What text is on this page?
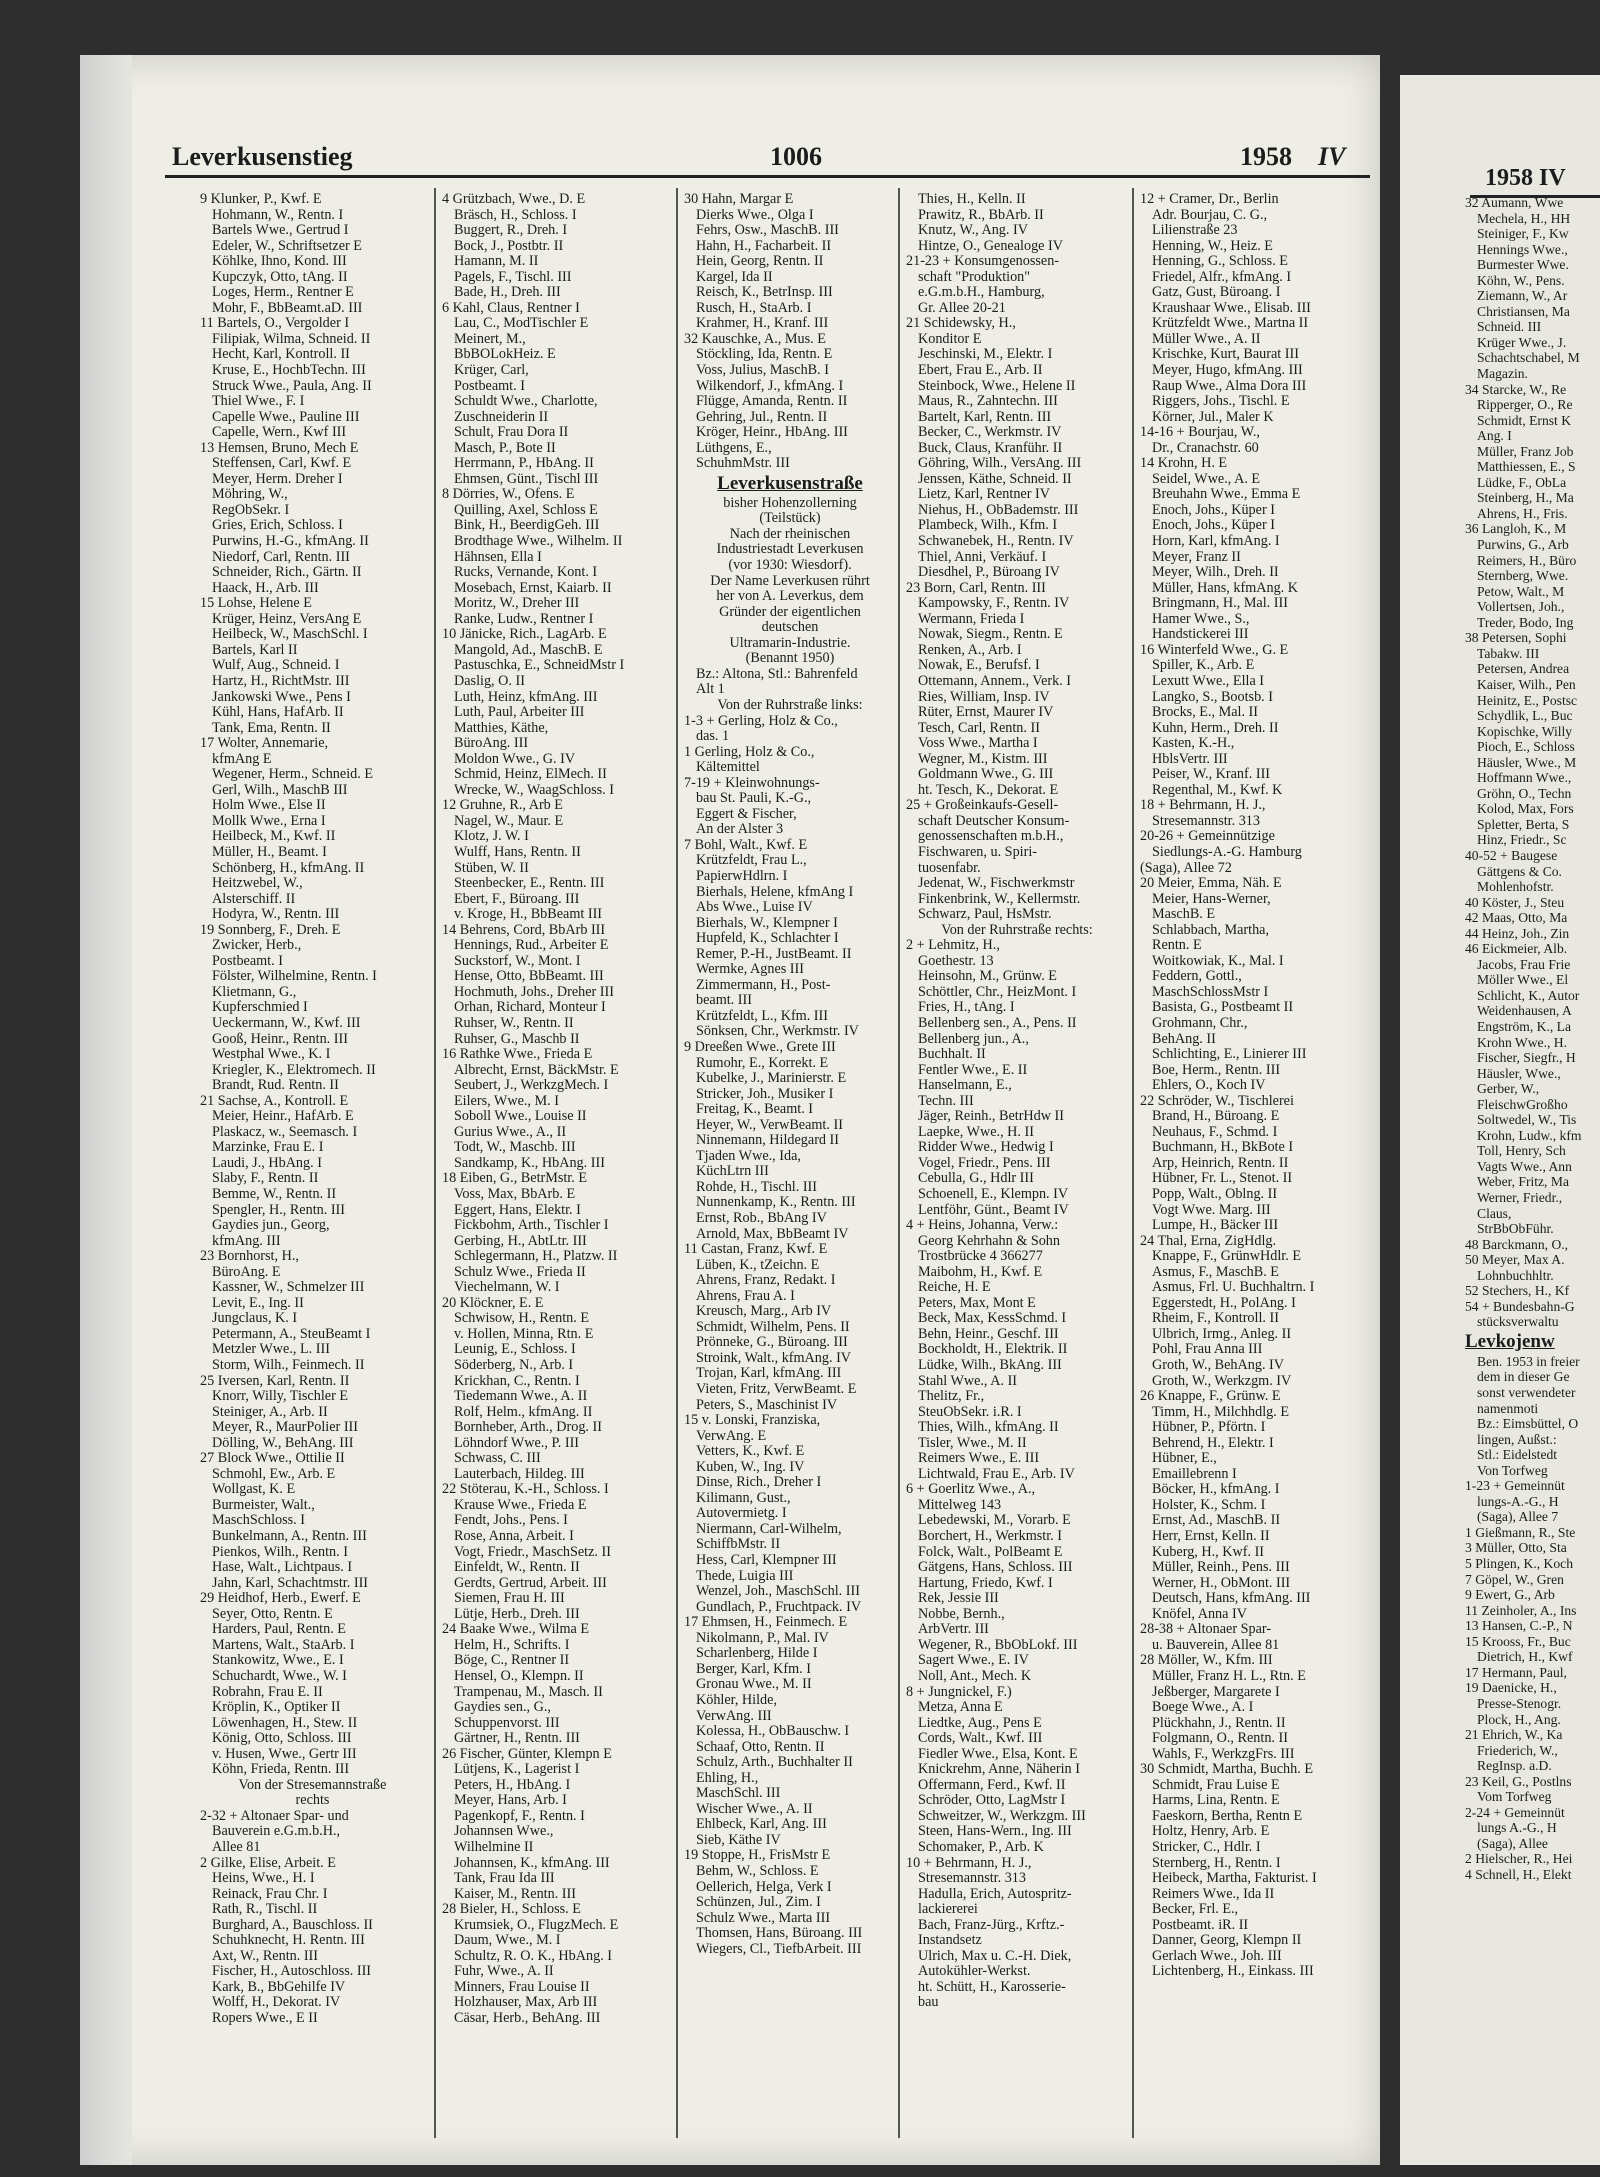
Leverkusenstieg	1006	1958 IV
1958 IV
9 Klunker, P., Kwf. E
Hohmann, W., Rentn. I
Bartels Wwe., Gertrud I
Edeler, W., Schriftsetzer E
Köhlke, Ihno, Kond. III
Kupczyk, Otto, tAng. II
Loges, Herm., Rentner E
Mohr, F., BbBeamt.aD. III
11 Bartels, O., Vergolder I
Filipiak, Wilma, Schneid. II
Hecht, Karl, Kontroll. II
Kruse, E., HochbTechn. III
Struck Wwe., Paula, Ang. II
Thiel Wwe., F. I
Capelle Wwe., Pauline III
Capelle, Wern., Kwf III
13 Hemsen, Bruno, Mech E
Steffensen, Carl, Kwf. E
Meyer, Herm. Dreher I
Möhring, W.,
RegObSekr. I
Gries, Erich, Schloss. I
Purwins, H.-G., kfmAng. II
Niedorf, Carl, Rentn. III
Schneider, Rich., Gärtn. II
Haack, H., Arb. III
15 Lohse, Helene E
Krüger, Heinz, VersAng E
Heilbeck, W., MaschSchl. I
Bartels, Karl II
Wulf, Aug., Schneid. I
Hartz, H., RichtMstr. III
Jankowski Wwe., Pens I
Kühl, Hans, HafArb. II
Tank, Ema, Rentn. II
17 Wolter, Annemarie,
kfmAng E
Wegener, Herm., Schneid. E
Gerl, Wilh., MaschB III
Holm Wwe., Else II
Mollk Wwe., Erna I
Heilbeck, M., Kwf. II
Müller, H., Beamt. I
Schönberg, H., kfmAng. II
Heitzwebel, W.,
Alsterschiff. II
Hodyra, W., Rentn. III
19 Sonnberg, F., Dreh. E
Zwicker, Herb.,
Postbeamt. I
Fölster, Wilhelmine, Rentn. I
Klietmann, G.,
Kupferschmied I
Ueckermann, W., Kwf. III
Gooß, Heinr., Rentn. III
Westphal Wwe., K. I
Kriegler, K., Elektromech. II
Brandt, Rud. Rentn. II
21 Sachse, A., Kontroll. E
Meier, Heinr., HafArb. E
Plaskacz, w., Seemasch. I
Marzinke, Frau E. I
Laudi, J., HbAng. I
Slaby, F., Rentn. II
Bemme, W., Rentn. II
Spengler, H., Rentn. III
Gaydies jun., Georg,
kfmAng. III
23 Bornhorst, H.,
BüroAng. E
Kassner, W., Schmelzer III
Levit, E., Ing. II
Jungclaus, K. I
Petermann, A., SteuBeamt I
Metzler Wwe., L. III
Storm, Wilh., Feinmech. II
25 Iversen, Karl, Rentn. II
Knorr, Willy, Tischler E
Steiniger, A., Arb. II
Meyer, R., MaurPolier III
Dölling, W., BehAng. III
27 Block Wwe., Ottilie II
Schmohl, Ew., Arb. E
Wollgast, K. E
Burmeister, Walt.,
MaschSchloss. I
Bunkelmann, A., Rentn. III
Pienkos, Wilh., Rentn. I
Hase, Walt., Lichtpaus. I
Jahn, Karl, Schachtmstr. III
29 Heidhof, Herb., Ewerf. E
Seyer, Otto, Rentn. E
Harders, Paul, Rentn. E
Martens, Walt., StaArb. I
Stankowitz, Wwe., E. I
Schuchardt, Wwe., W. I
Robrahn, Frau E. II
Kröplin, K., Optiker II
Löwenhagen, H., Stew. II
König, Otto, Schloss. III
v. Husen, Wwe., Gertr III
Köhn, Frieda, Rentn. III
Von der Stresemannstraße
rechts
2-32 + Altonaer Spar- und
Bauverein e.G.m.b.H.,
Allee 81
2 Gilke, Elise, Arbeit. E
Heins, Wwe., H. I
Reinack, Frau Chr. I
Rath, R., Tischl. II
Burghard, A., Bauschloss. II
Schuhknecht, H. Rentn. III
Axt, W., Rentn. III
Fischer, H., Autoschloss. III
Kark, B., BbGehilfe IV
Wolff, H., Dekorat. IV
Ropers Wwe., E II
4 Grützbach, Wwe., D. E
Bräsch, H., Schloss. I
Buggert, R., Dreh. I
Bock, J., Postbtr. II
Hamann, M. II
Pagels, F., Tischl. III
Bade, H., Dreh. III
6 Kahl, Claus, Rentner I
Lau, C., ModTischler E
Meinert, M.,
BbBOLokHeiz. E
Krüger, Carl,
Postbeamt. I
Schuldt Wwe., Charlotte,
Zuschneiderin II
Schult, Frau Dora II
Masch, P., Bote II
Herrmann, P., HbAng. II
Ehmsen, Günt., Tischl III
8 Dörries, W., Ofens. E
Quilling, Axel, Schloss E
Bink, H., BeerdigGeh. III
Brodthage Wwe., Wilhelm. II
Hähnsen, Ella I
Rucks, Vernande, Kont. I
Mosebach, Ernst, Kaiarb. II
Moritz, W., Dreher III
Ranke, Ludw., Rentner I
10 Jänicke, Rich., LagArb. E
Mangold, Ad., MaschB. E
Pastuschka, E., SchneidMstr I
Daslig, O. II
Luth, Heinz, kfmAng. III
Luth, Paul, Arbeiter III
Matthies, Käthe,
BüroAng. III
Moldon Wwe., G. IV
Schmid, Heinz, ElMech. II
Wrecke, W., WaagSchloss. I
12 Gruhne, R., Arb E
Nagel, W., Maur. E
Klotz, J. W. I
Wulff, Hans, Rentn. II
Stüben, W. II
Steenbecker, E., Rentn. III
Ebert, F., Büroang. III
v. Kroge, H., BbBeamt III
14 Behrens, Cord, BbArb III
Hennings, Rud., Arbeiter E
Suckstorf, W., Mont. I
Hense, Otto, BbBeamt. III
Hochmuth, Johs., Dreher III
Orhan, Richard, Monteur I
Ruhser, W., Rentn. II
Ruhser, G., Maschb II
16 Rathke Wwe., Frieda E
Albrecht, Ernst, BäckMstr. E
Seubert, J., WerkzgMech. I
Eilers, Wwe., M. I
Soboll Wwe., Louise II
Gurius Wwe., A., II
Todt, W., Maschb. III
Sandkamp, K., HbAng. III
18 Eiben, G., BetrMstr. E
Voss, Max, BbArb. E
Eggert, Hans, Elektr. I
Fickbohm, Arth., Tischler I
Gerbing, H., AbtLtr. III
Schlegermann, H., Platzw. II
Schulz Wwe., Frieda II
Viechelmann, W. I
20 Klöckner, E. E
Schwisow, H., Rentn. E
v. Hollen, Minna, Rtn. E
Leunig, E., Schloss. I
Söderberg, N., Arb. I
Krickhan, C., Rentn. I
Tiedemann Wwe., A. II
Rolf, Helm., kfmAng. II
Bornheber, Arth., Drog. II
Löhndorf Wwe., P. III
Schwass, C. III
Lauterbach, Hildeg. III
22 Stöterau, K.-H., Schloss. I
Krause Wwe., Frieda E
Fendt, Johs., Pens. I
Rose, Anna, Arbeit. I
Vogt, Friedr., MaschSetz. II
Einfeldt, W., Rentn. II
Gerdts, Gertrud, Arbeit. III
Siemen, Frau H. III
Lütje, Herb., Dreh. III
24 Baake Wwe., Wilma E
Helm, H., Schrifts. I
Böge, C., Rentner II
Hensel, O., Klempn. II
Trampenau, M., Masch. II
Gaydies sen., G.,
Schuppenvorst. III
Gärtner, H., Rentn. III
26 Fischer, Günter, Klempn E
Lütjens, K., Lagerist I
Peters, H., HbAng. I
Meyer, Hans, Arb. I
Pagenkopf, F., Rentn. I
Johannsen Wwe.,
Wilhelmine II
Johannsen, K., kfmAng. III
Tank, Frau Ida III
Kaiser, M., Rentn. III
28 Bieler, H., Schloss. E
Krumsiek, O., FlugzMech. E
Daum, Wwe., M. I
Schultz, R. O. K., HbAng. I
Fuhr, Wwe., A. II
Minners, Frau Louise II
Holzhauser, Max, Arb III
Cäsar, Herb., BehAng. III
30 Hahn, Margar E
Dierks Wwe., Olga I
Fehrs, Osw., MaschB. III
Hahn, H., Facharbeit. II
Hein, Georg, Rentn. II
Kargel, Ida II
Reisch, K., BetrInsp. III
Rusch, H., StaArb. I
Krahmer, H., Kranf. III
32 Kauschke, A., Mus. E
Stöckling, Ida, Rentn. E
Voss, Julius, MaschB. I
Wilkendorf, J., kfmAng. I
Flügge, Amanda, Rentn. II
Gehring, Jul., Rentn. II
Kröger, Heinr., HbAng. III
Lüthgens, E.,
SchuhmMstr. III
Leverkusenstraße
bisher Hohenzollerning
(Teilstück)
Nach der rheinischen
Industriestadt Leverkusen
(vor 1930: Wiesdorf).
Der Name Leverkusen rührt
her von A. Leverkus, dem
Gründer der eigentlichen
deutschen
Ultramarin-Industrie.
(Benannt 1950)
Bz.: Altona, Stl.: Bahrenfeld
Alt 1
Von der Ruhrstraße links:
1-3 + Gerling, Holz & Co.,
das. 1
1 Gerling, Holz & Co.,
Kältemittel
7-19 + Kleinwohnungs-
bau St. Pauli, K.-G.,
Eggert & Fischer,
An der Alster 3
7 Bohl, Walt., Kwf. E
Krützfeldt, Frau L.,
PapierwHdlrn. I
Bierhals, Helene, kfmAng I
Abs Wwe., Luise IV
Bierhals, W., Klempner I
Hupfeld, K., Schlachter I
Remer, P.-H., JustBeamt. II
Wermke, Agnes III
Zimmermann, H., Post-
beamt. III
Krützfeldt, L., Kfm. III
Sönksen, Chr., Werkmstr. IV
9 Dreeßen Wwe., Grete III
Rumohr, E., Korrekt. E
Kubelke, J., Marinierstr. E
Stricker, Joh., Musiker I
Freitag, K., Beamt. I
Heyer, W., VerwBeamt. II
Ninnemann, Hildegard II
Tjaden Wwe., Ida,
KüchLtrn III
Rohde, H., Tischl. III
Nunnenkamp, K., Rentn. III
Ernst, Rob., BbAng IV
Arnold, Max, BbBeamt IV
11 Castan, Franz, Kwf. E
Lüben, K., tZeichn. E
Ahrens, Franz, Redakt. I
Ahrens, Frau A. I
Kreusch, Marg., Arb IV
Schmidt, Wilhelm, Pens. II
Prönneke, G., Büroang. III
Stroink, Walt., kfmAng. IV
Trojan, Karl, kfmAng. III
Vieten, Fritz, VerwBeamt. E
Peters, S., Maschinist IV
15 v. Lonski, Franziska,
VerwAng. E
Vetters, K., Kwf. E
Kuben, W., Ing. IV
Dinse, Rich., Dreher I
Kilimann, Gust.,
Autovermietg. I
Niermann, Carl-Wilhelm,
SchiffbMstr. II
Hess, Carl, Klempner III
Thede, Luigia III
Wenzel, Joh., MaschSchl. III
Gundlach, P., Fruchtpack. IV
17 Ehmsen, H., Feinmech. E
Nikolmann, P., Mal. IV
Scharlenberg, Hilde I
Berger, Karl, Kfm. I
Gronau Wwe., M. II
Köhler, Hilde,
VerwAng. III
Kolessa, H., ObBauschw. I
Schaaf, Otto, Rentn. II
Schulz, Arth., Buchhalter II
Ehling, H.,
MaschSchl. III
Wischer Wwe., A. II
Ehlbeck, Karl, Ang. III
Sieb, Käthe IV
19 Stoppe, H., FrisMstr E
Behm, W., Schloss. E
Oellerich, Helga, Verk I
Schünzen, Jul., Zim. I
Schulz Wwe., Marta III
Thomsen, Hans, Büroang. III
Wiegers, Cl., TiefbArbeit. III
Thies, H., Kelln. II
Prawitz, R., BbArb. II
Knutz, W., Ang. IV
Hintze, O., Genealoge IV
21-23 + Konsumgenossen-
schaft "Produktion"
e.G.m.b.H., Hamburg,
Gr. Allee 20-21
21 Schidewsky, H.,
Konditor E
Jeschinski, M., Elektr. I
Ebert, Frau E., Arb. II
Steinbock, Wwe., Helene II
Maus, R., Zahntechn. III
Bartelt, Karl, Rentn. III
Becker, C., Werkmstr. IV
Buck, Claus, Kranführ. II
Göhring, Wilh., VersAng. III
Jenssen, Käthe, Schneid. II
Lietz, Karl, Rentner IV
Niehus, H., ObBademstr. III
Plambeck, Wilh., Kfm. I
Schwanebek, H., Rentn. IV
Thiel, Anni, Verkäuf. I
Diesdhel, P., Büroang IV
23 Born, Carl, Rentn. III
Kampowsky, F., Rentn. IV
Wermann, Frieda I
Nowak, Siegm., Rentn. E
Renken, A., Arb. I
Nowak, E., Berufsf. I
Ottemann, Annem., Verk. I
Ries, William, Insp. IV
Rüter, Ernst, Maurer IV
Tesch, Carl, Rentn. II
Voss Wwe., Martha I
Wegner, M., Kistm. III
Goldmann Wwe., G. III
ht. Tesch, K., Dekorat. E
25 + Großeinkaufs-Gesell-
schaft Deutscher Konsum-
genossenschaften m.b.H.,
Fischwaren, u. Spiri-
tuosenfabr.
Jedenat, W., Fischwerkmstr
Finkenbrink, W., Kellermstr.
Schwarz, Paul, HsMstr.
Von der Ruhrstraße rechts:
2 + Lehmitz, H.,
Goethestr. 13
Heinsohn, M., Grünw. E
Schöttler, Chr., HeizMont. I
Fries, H., tAng. I
Bellenberg sen., A., Pens. II
Bellenberg jun., A.,
Buchhalt. II
Fentler Wwe., E. II
Hanselmann, E.,
Techn. III
Jäger, Reinh., BetrHdw II
Laepke, Wwe., H. II
Ridder Wwe., Hedwig I
Vogel, Friedr., Pens. III
Cebulla, G., Hdlr III
Schoenell, E., Klempn. IV
Lentföhr, Günt., Beamt IV
4 + Heins, Johanna, Verw.:
Georg Kehrhahn & Sohn
Trostbrücke 4 366277
Maibohm, H., Kwf. E
Reiche, H. E
Peters, Max, Mont E
Beck, Max, KessSchmd. I
Behn, Heinr., Geschf. III
Bockholdt, H., Elektrik. II
Lüdke, Wilh., BkAng. III
Stahl Wwe., A. II
Thelitz, Fr.,
SteuObSekr. i.R. I
Thies, Wilh., kfmAng. II
Tisler, Wwe., M. II
Reimers Wwe., E. III
Lichtwald, Frau E., Arb. IV
6 + Goerlitz Wwe., A.,
Mittelweg 143
Lebedewski, M., Vorarb. E
Borchert, H., Werkmstr. I
Folck, Walt., PolBeamt E
Gätgens, Hans, Schloss. III
Hartung, Friedo, Kwf. I
Rek, Jessie III
Nobbe, Bernh.,
ArbVertr. III
Wegener, R., BbObLokf. III
Sagert Wwe., E. IV
Noll, Ant., Mech. K
8 + Jungnickel, F.)
Metza, Anna E
Liedtke, Aug., Pens E
Cords, Walt., Kwf. III
Fiedler Wwe., Elsa, Kont. E
Knickrehm, Anne, Näherin I
Offermann, Ferd., Kwf. II
Schröder, Otto, LagMstr I
Schweitzer, W., Werkzgm. III
Steen, Hans-Wern., Ing. III
Schomaker, P., Arb. K
10 + Behrmann, H. J.,
Stresemannstr. 313
Hadulla, Erich, Autospritz-
lackiererei
Bach, Franz-Jürg., Krftz.-
Instandsetz
Ulrich, Max u. C.-H. Diek,
Autokühler-Werkst.
ht. Schütt, H., Karosserie-
bau
12 + Cramer, Dr., Berlin
Adr. Bourjau, C. G.,
Lilienstraße 23
Henning, W., Heiz. E
Henning, G., Schloss. E
Friedel, Alfr., kfmAng. I
Gatz, Gust, Büroang. I
Kraushaar Wwe., Elisab. III
Krützfeldt Wwe., Martna II
Müller Wwe., A. II
Krischke, Kurt, Baurat III
Meyer, Hugo, kfmAng. III
Raup Wwe., Alma Dora III
Riggers, Johs., Tischl. E
Körner, Jul., Maler K
14-16 + Bourjau, W.,
Dr., Cranachstr. 60
14 Krohn, H. E
Seidel, Wwe., A. E
Breuhahn Wwe., Emma E
Enoch, Johs., Küper I
Enoch, Johs., Küper I
Horn, Karl, kfmAng. I
Meyer, Franz II
Meyer, Wilh., Dreh. II
Müller, Hans, kfmAng. K
Bringmann, H., Mal. III
Hamer Wwe., S.,
Handstickerei III
16 Winterfeld Wwe., G. E
Spiller, K., Arb. E
Lexutt Wwe., Ella I
Langko, S., Bootsb. I
Brocks, E., Mal. II
Kuhn, Herm., Dreh. II
Kasten, K.-H.,
HblsVertr. III
Peiser, W., Kranf. III
Regenthal, M., Kwf. K
18 + Behrmann, H. J.,
Stresemannstr. 313
20-26 + Gemeinnützige
Siedlungs-A.-G. Hamburg
(Saga), Allee 72
20 Meier, Emma, Näh. E
Meier, Hans-Werner,
MaschB. E
Schlabbach, Martha,
Rentn. E
Woitkowiak, K., Mal. I
Feddern, Gottl.,
MaschSchlossMstr I
Basista, G., Postbeamt II
Grohmann, Chr.,
BehAng. II
Schlichting, E., Linierer III
Boe, Herm., Rentn. III
Ehlers, O., Koch IV
22 Schröder, W., Tischlerei
Brand, H., Büroang. E
Neuhaus, F., Schmd. I
Buchmann, H., BkBote I
Arp, Heinrich, Rentn. II
Hübner, Fr. L., Stenot. II
Popp, Walt., Oblng. II
Vogt Wwe. Marg. III
Lumpe, H., Bäcker III
24 Thal, Erna, ZigHdlg.
Knappe, F., GrünwHdlr. E
Asmus, F., MaschB. E
Asmus, Frl. U. Buchhaltrn. I
Eggerstedt, H., PolAng. I
Rheim, F., Kontroll. II
Ulbrich, Irmg., Anleg. II
Pohl, Frau Anna III
Groth, W., BehAng. IV
Groth, W., Werkzgm. IV
26 Knappe, F., Grünw. E
Timm, H., Milchhdlg. E
Hübner, P., Pförtn. I
Behrend, H., Elektr. I
Hübner, E.,
Emaillebrenn I
Böcker, H., kfmAng. I
Holster, K., Schm. I
Ernst, Ad., MaschB. II
Herr, Ernst, Kelln. II
Kuberg, H., Kwf. II
Müller, Reinh., Pens. III
Werner, H., ObMont. III
Deutsch, Hans, kfmAng. III
Knöfel, Anna IV
28-38 + Altonaer Spar-
u. Bauverein, Allee 81
28 Möller, W., Kfm. III
Müller, Franz H. L., Rtn. E
Jeßberger, Margarete I
Boege Wwe., A. I
Plückhahn, J., Rentn. II
Folgmann, O., Rentn. II
Wahls, F., WerkzgFrs. III
30 Schmidt, Martha, Buchh. E
Schmidt, Frau Luise E
Harms, Lina, Rentn. E
Faeskorn, Bertha, Rentn E
Holtz, Henry, Arb. E
Stricker, C., Hdlr. I
Sternberg, H., Rentn. I
Heibeck, Martha, Fakturist. I
Reimers Wwe., Ida II
Becker, Frl. E.,
Postbeamt. iR. II
Danner, Georg, Klempn II
Gerlach Wwe., Joh. III
Lichtenberg, H., Einkass. III
32 Aumann, Wwe
Mechela, H., HH
Steiniger, F., Kw
Hennings Wwe.,
Burmester Wwe.
Köhn, W., Pens.
Ziemann, W., Ar
Christiansen, Ma
Schneid. III
Krüger Wwe., J.
Schachtschabel, M
Magazin.
34 Starcke, W., Re
Ripperger, O., Re
Schmidt, Ernst K
Ang. I
Müller, Franz Job
Matthiessen, E., S
Lüdke, F., ObLa
Steinberg, H., Ma
Ahrens, H., Fris.
36 Langloh, K., M
Purwins, G., Arb
Reimers, H., Büro
Sternberg, Wwe.
Petow, Walt., M
Vollertsen, Joh.,
Treder, Bodo, Ing
38 Petersen, Sophi
Tabakw. III
Petersen, Andrea
Kaiser, Wilh., Pen
Heinitz, E., Postsc
Schydlik, L., Buc
Kopischke, Willy
Pioch, E., Schloss
Häusler, Wwe., M
Hoffmann Wwe.,
Gröhn, O., Techn
Kolod, Max, Fors
Spletter, Berta, S
Hinz, Friedr., Sc
40-52 + Baugese
Gättgens & Co.
Mohlenhofstr.
40 Köster, J., Steu
42 Maas, Otto, Ma
44 Heinz, Joh., Zin
46 Eickmeier, Alb.
Jacobs, Frau Frie
Möller Wwe., El
Schlicht, K., Autor
Weidenhausen, A
Engström, K., La
Krohn Wwe., H.
Fischer, Siegfr., H
Häusler, Wwe.,
Gerber, W.,
FleischwGroßho
Soltwedel, W., Tis
Krohn, Ludw., kfm
Toll, Henry, Sch
Vagts Wwe., Ann
Weber, Fritz, Ma
Werner, Friedr.,
Claus,
StrBbObFühr.
48 Barckmann, O.,
50 Meyer, Max A.
Lohnbuchhltr.
52 Stechers, H., Kf
54 + Bundesbahn-G
stücksverwaltu
Levkojenw
Ben. 1953 in freier
dem in dieser Ge
sonst verwendeter
namenmoti
Bz.: Eimsbüttel, O
lingen, Außst.:
Stl.: Eidelstedt
Von Torfweg
1-23 + Gemeinnüt
lungs-A.-G., H
(Saga), Allee 7
1 Gießmann, R., Ste
3 Müller, Otto, Sta
5 Plingen, K., Koch
7 Göpel, W., Gren
9 Ewert, G., Arb
11 Zeinholer, A., Ins
13 Hansen, C.-P., N
15 Krooss, Fr., Buc
Dietrich, H., Kwf
17 Hermann, Paul,
19 Daenicke, H.,
Presse-Stenogr.
Plock, H., Ang.
21 Ehrich, W., Ka
Friederich, W.,
RegInsp. a.D.
23 Keil, G., Postlns
Vom Torfweg
2-24 + Gemeinnüt
lungs A.-G., H
(Saga), Allee
2 Hielscher, R., Hei
4 Schnell, H., Elekt
